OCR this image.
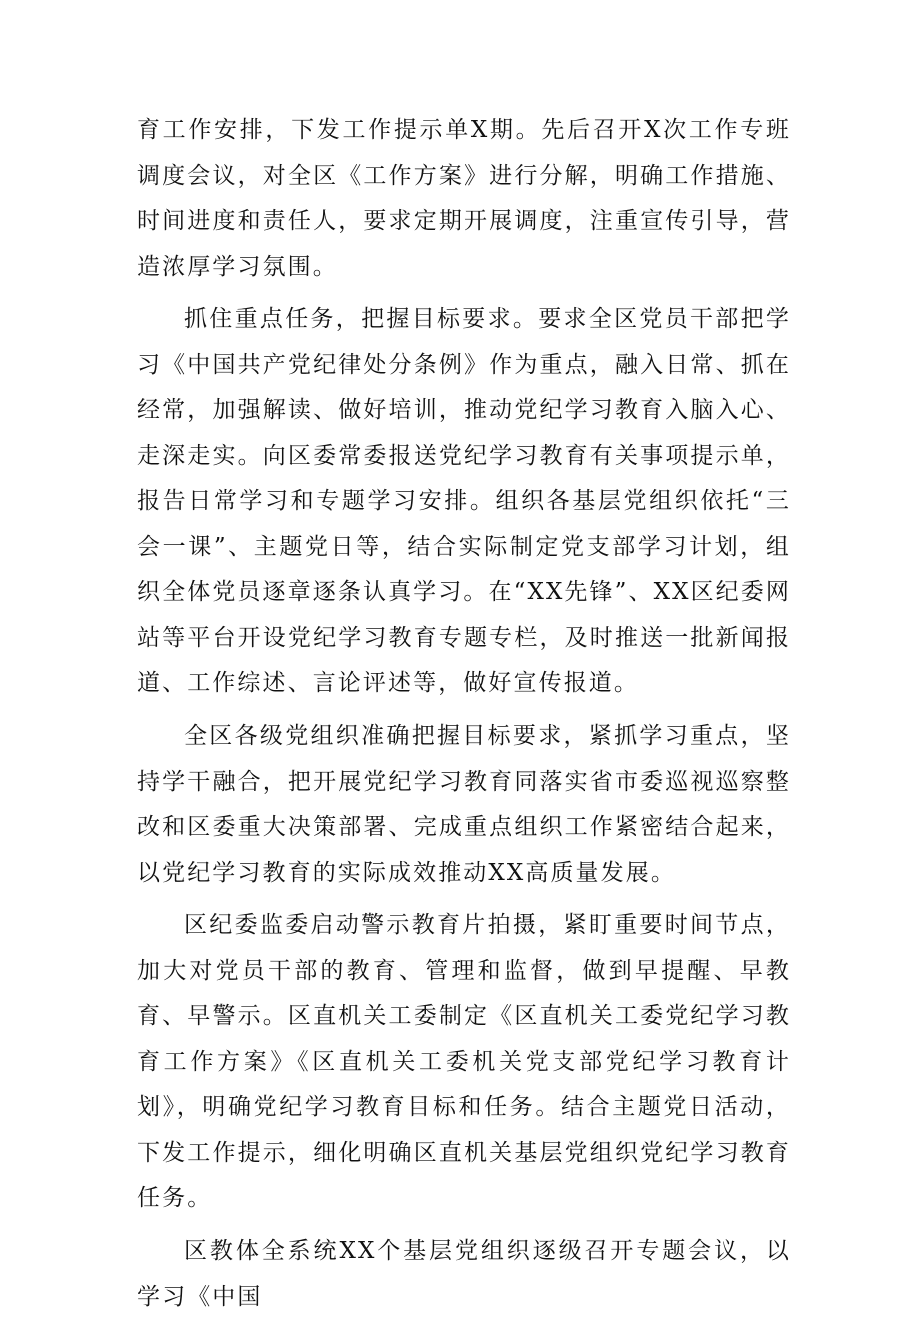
育工作安排，下发工作提示单X期。先后召开X次工作专班调度会议，对全区《工作方案》进行分解，明确工作措施、时间进度和责任人，要求定期开展调度，注重宣传引导，营造浓厚学习氛围。

抓住重点任务，把握目标要求。要求全区党员干部把学习《中国共产党纪律处分条例》作为重点，融入日常、抓在经常，加强解读、做好培训，推动党纪学习教育入脑入心、走深走实。向区委常委报送党纪学习教育有关事项提示单，报告日常学习和专题学习安排。组织各基层党组织依托“三会一课”、主题党日等，结合实际制定党支部学习计划，组织全体党员逐章逐条认真学习。在“XX先锋”、XX区纪委网站等平台开设党纪学习教育专题专栏，及时推送一批新闻报道、工作综述、言论评述等，做好宣传报道。

全区各级党组织准确把握目标要求，紧抓学习重点，坚持学干融合，把开展党纪学习教育同落实省市委巡视巡察整改和区委重大决策部署、完成重点组织工作紧密结合起来，以党纪学习教育的实际成效推动XX高质量发展。

区纪委监委启动警示教育片拍摄，紧盯重要时间节点，加大对党员干部的教育、管理和监督，做到早提醒、早教育、早警示。区直机关工委制定《区直机关工委党纪学习教育工作方案》《区直机关工委机关党支部党纪学习教育计划》，明确党纪学习教育目标和任务。结合主题党日活动，下发工作提示，细化明确区直机关基层党组织党纪学习教育任务。

区教体全系统XX个基层党组织逐级召开专题会议，以学习《中国
